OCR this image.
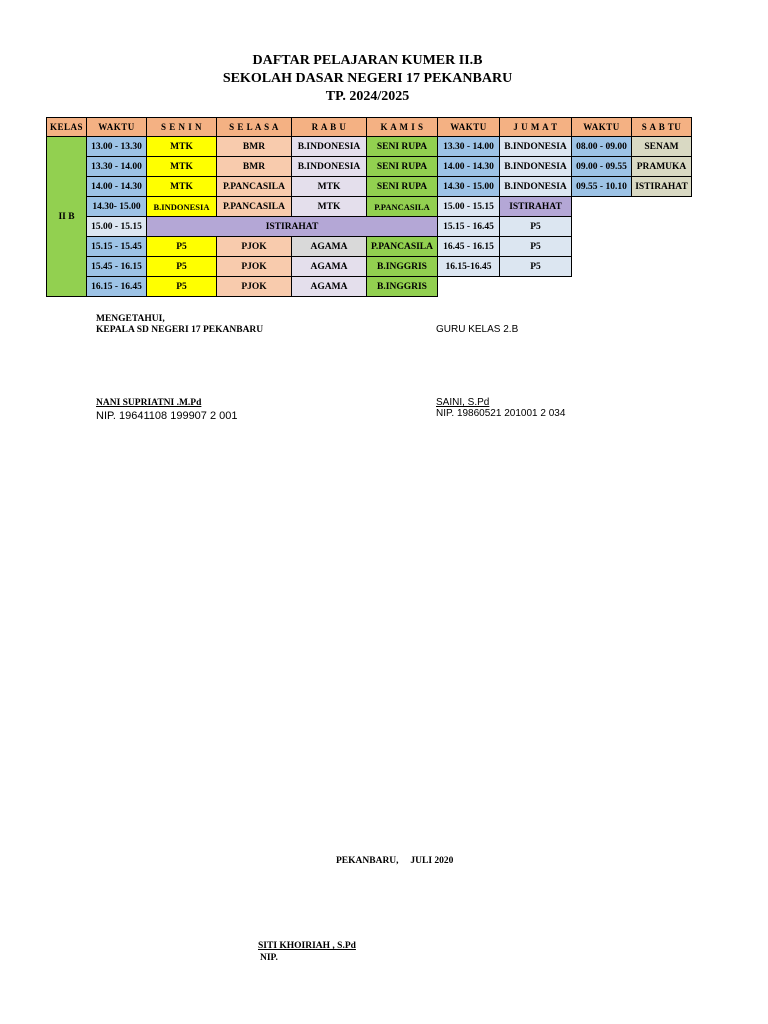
DAFTAR PELAJARAN KUMER II.B
SEKOLAH DASAR NEGERI 17 PEKANBARU
TP. 2024/2025
KELAS	WAKTU	S E N I N	S E L A S A	R A B U	K A M I S	WAKTU	J U M A T	WAKTU	S A B TU
II B	13.00 - 13.30	MTK	BMR	B.INDONESIA	SENI RUPA	13.30 - 14.00	B.INDONESIA	08.00 - 09.00	SENAM
	13.30 - 14.00	MTK	BMR	B.INDONESIA	SENI RUPA	14.00 - 14.30	B.INDONESIA	09.00 - 09.55	PRAMUKA
	14.00 - 14.30	MTK	P.PANCASILA	MTK	SENI RUPA	14.30 - 15.00	B.INDONESIA	09.55 - 10.10	ISTIRAHAT
	14.30- 15.00	B.INDONESIA	P.PANCASILA	MTK	P.PANCASILA	15.00 - 15.15	ISTIRAHAT		
	15.00 - 15.15	ISTIRAHAT				15.15 - 16.45	P5		
	15.15 - 15.45	P5	PJOK	AGAMA	P.PANCASILA	16.45 - 16.15	P5		
	15.45 - 16.15	P5	PJOK	AGAMA	B.INGGRIS	16.15-16.45	P5		
	16.15 - 16.45	P5	PJOK	AGAMA	B.INGGRIS				
MENGETAHUI,
KEPALA SD NEGERI 17 PEKANBARU	GURU KELAS 2.B
NANI SUPRIATNI .M.Pd
NIP. 19641108 199907 2 001
SAINI, S.Pd
NIP. 19860521 201001 2 034
PEKANBARU,     JULI 2020
SITI KHOIRIAH , S.Pd
NIP.
